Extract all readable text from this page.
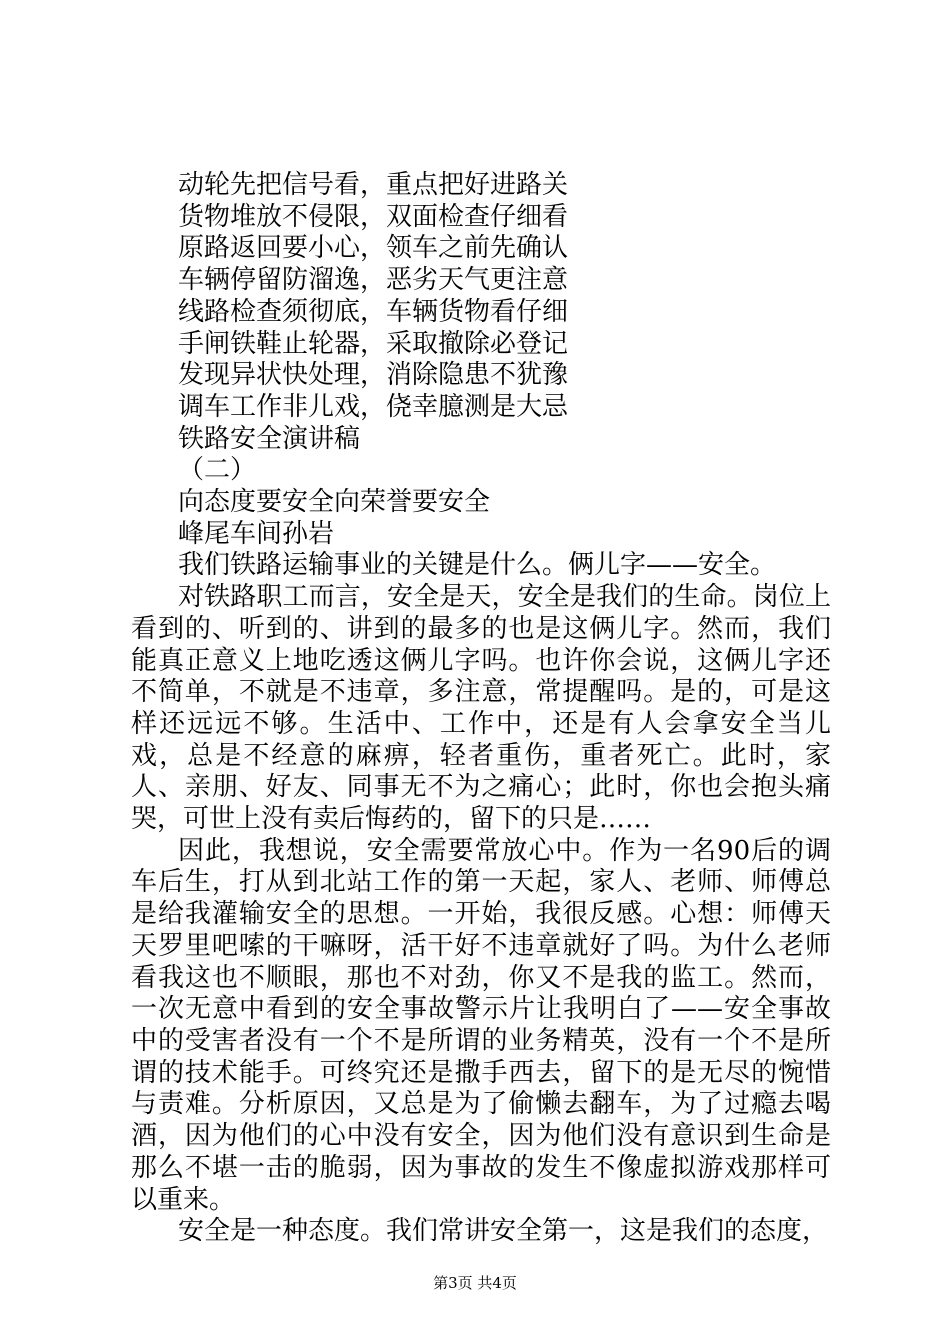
动轮先把信号看，重点把好进路关
货物堆放不侵限，双面检查仔细看
原路返回要小心，领车之前先确认
车辆停留防溜逸，恶劣天气更注意
线路检查须彻底，车辆货物看仔细
手闸铁鞋止轮器，采取撤除必登记
发现异状快处理，消除隐患不犹豫
调车工作非儿戏，侥幸臆测是大忌
铁路安全演讲稿
（二）
向态度要安全向荣誉要安全
峰尾车间孙岩

我们铁路运输事业的关键是什么。俩儿字——安全。

对铁路职工而言，安全是天，安全是我们的生命。岗位上看到的、听到的、讲到的最多的也是这俩儿字。然而，我们能真正意义上地吃透这俩儿字吗。也许你会说，这俩儿字还不简单，不就是不违章，多注意，常提醒吗。是的，可是这样还远远不够。生活中、工作中，还是有人会拿安全当儿戏，总是不经意的麻痹，轻者重伤，重者死亡。此时，家人、亲朋、好友、同事无不为之痛心；此时，你也会抱头痛哭，可世上没有卖后悔药的，留下的只是……

因此，我想说，安全需要常放心中。作为一名90后的调车后生，打从到北站工作的第一天起，家人、老师、师傅总是给我灌输安全的思想。一开始，我很反感。心想：师傅天天罗里吧嗦的干嘛呀，活干好不违章就好了吗。为什么老师看我这也不顺眼，那也不对劲，你又不是我的监工。然而，一次无意中看到的安全事故警示片让我明白了——安全事故中的受害者没有一个不是所谓的业务精英，没有一个不是所谓的技术能手。可终究还是撒手西去，留下的是无尽的惋惜与责难。分析原因，又总是为了偷懒去翻车，为了过瘾去喝酒，因为他们的心中没有安全，因为他们没有意识到生命是那么不堪一击的脆弱，因为事故的发生不像虚拟游戏那样可以重来。

安全是一种态度。我们常讲安全第一，这是我们的态度，

第3页 共4页
